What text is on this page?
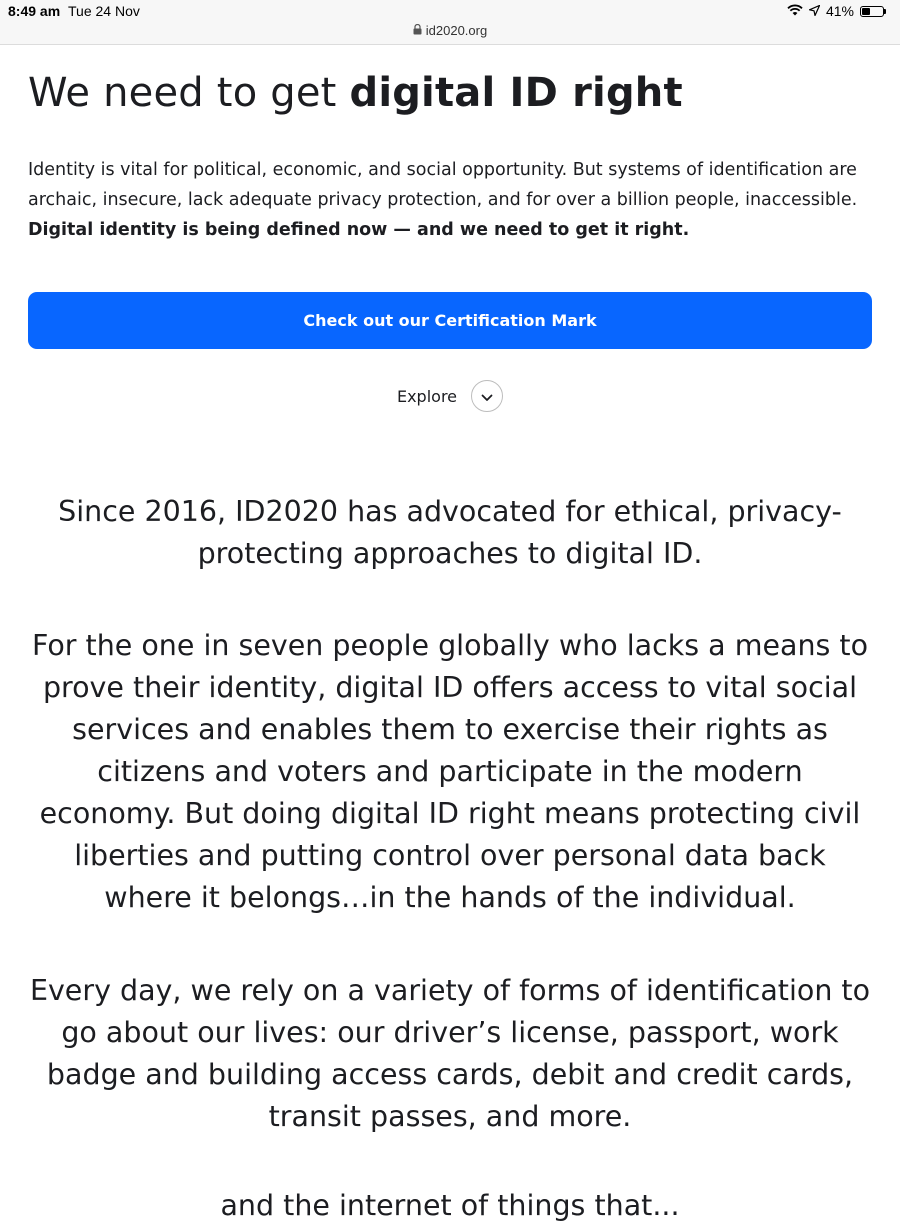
8:49 am Tue 24 Nov	41%
id2020.org
We need to get digital ID right

Identity is vital for political, economic, and social opportunity. But systems of identification are archaic, insecure, lack adequate privacy protection, and for over a billion people, inaccessible. Digital identity is being defined now — and we need to get it right.

Check out our Certification Mark
Explore

Since 2016, ID2020 has advocated for ethical, privacy-protecting approaches to digital ID.

For the one in seven people globally who lacks a means to prove their identity, digital ID offers access to vital social services and enables them to exercise their rights as citizens and voters and participate in the modern economy. But doing digital ID right means protecting civil liberties and putting control over personal data back where it belongs…in the hands of the individual.

Every day, we rely on a variety of forms of identification to go about our lives: our driver’s license, passport, work badge and building access cards, debit and credit cards, transit passes, and more.

and the internet of things that...
